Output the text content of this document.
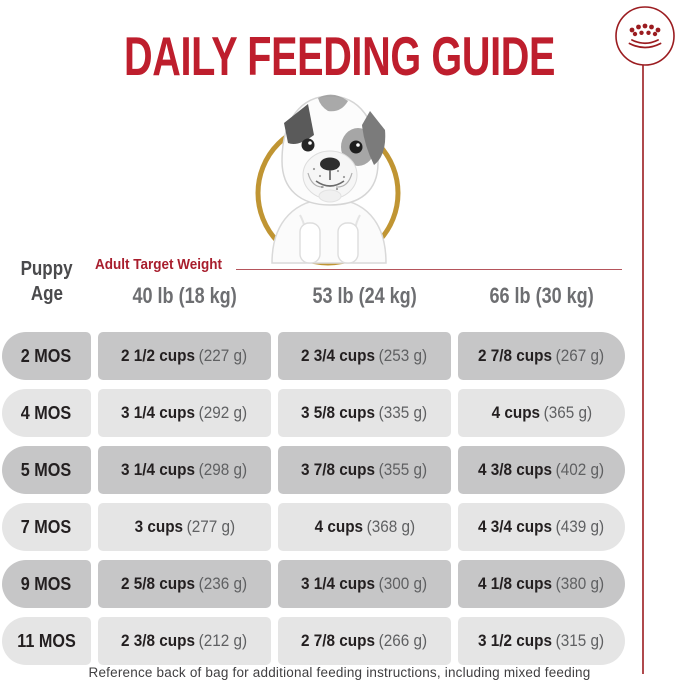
DAILY FEEDING GUIDE
Adult Target Weight
Puppy
Age	40 lb (18 kg)	53 lb (24 kg)	66 lb (30 kg)
2 MOS	2 1/2 cups (227 g)	2 3/4 cups (253 g)	2 7/8 cups (267 g)
4 MOS	3 1/4 cups (292 g)	3 5/8 cups (335 g)	4 cups (365 g)
5 MOS	3 1/4 cups (298 g)	3 7/8 cups (355 g)	4 3/8 cups (402 g)
7 MOS	3 cups (277 g)	4 cups (368 g)	4 3/4 cups (439 g)
9 MOS	2 5/8 cups (236 g)	3 1/4 cups (300 g)	4 1/8 cups (380 g)
11 MOS	2 3/8 cups (212 g)	2 7/8 cups (266 g)	3 1/2 cups (315 g)
Reference back of bag for additional feeding instructions, including mixed feeding
